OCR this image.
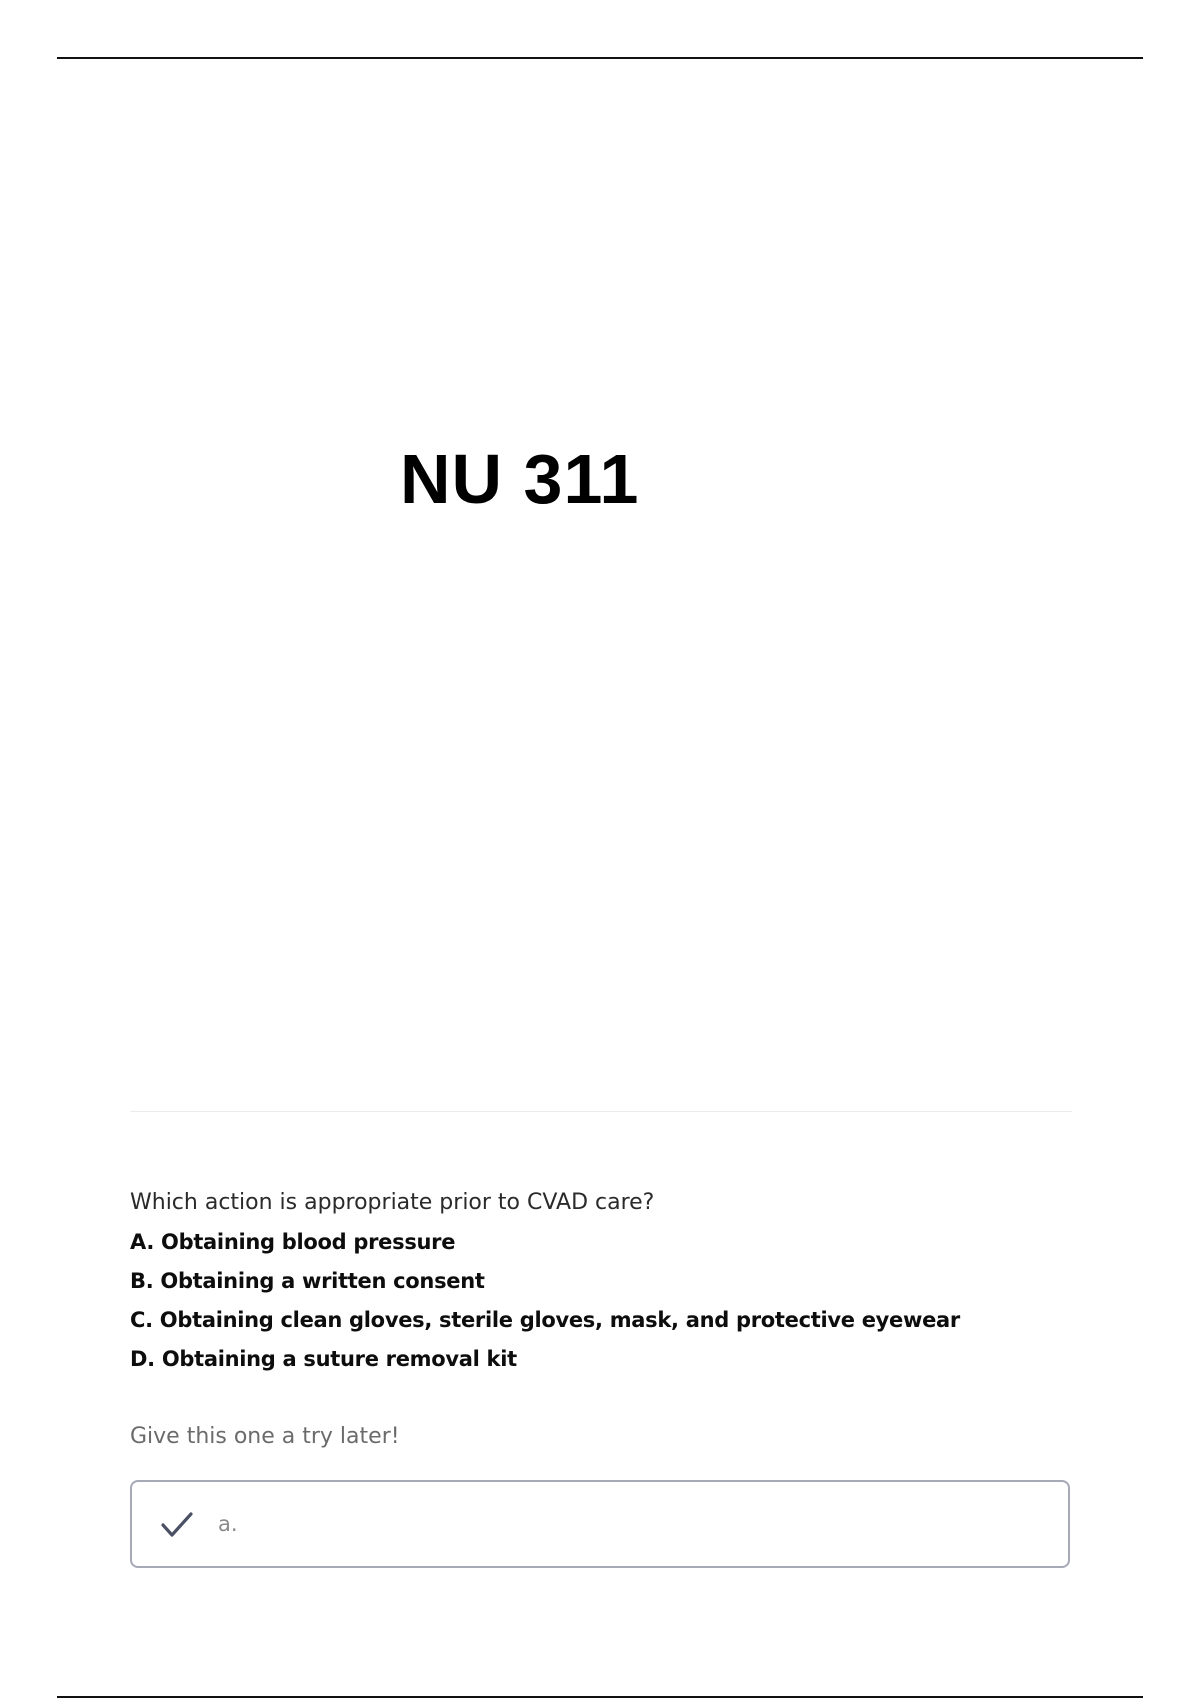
NU 311

Which action is appropriate prior to CVAD care?

A. Obtaining blood pressure
B. Obtaining a written consent
C. Obtaining clean gloves, sterile gloves, mask, and protective eyewear
D. Obtaining a suture removal kit

Give this one a try later!

a.
